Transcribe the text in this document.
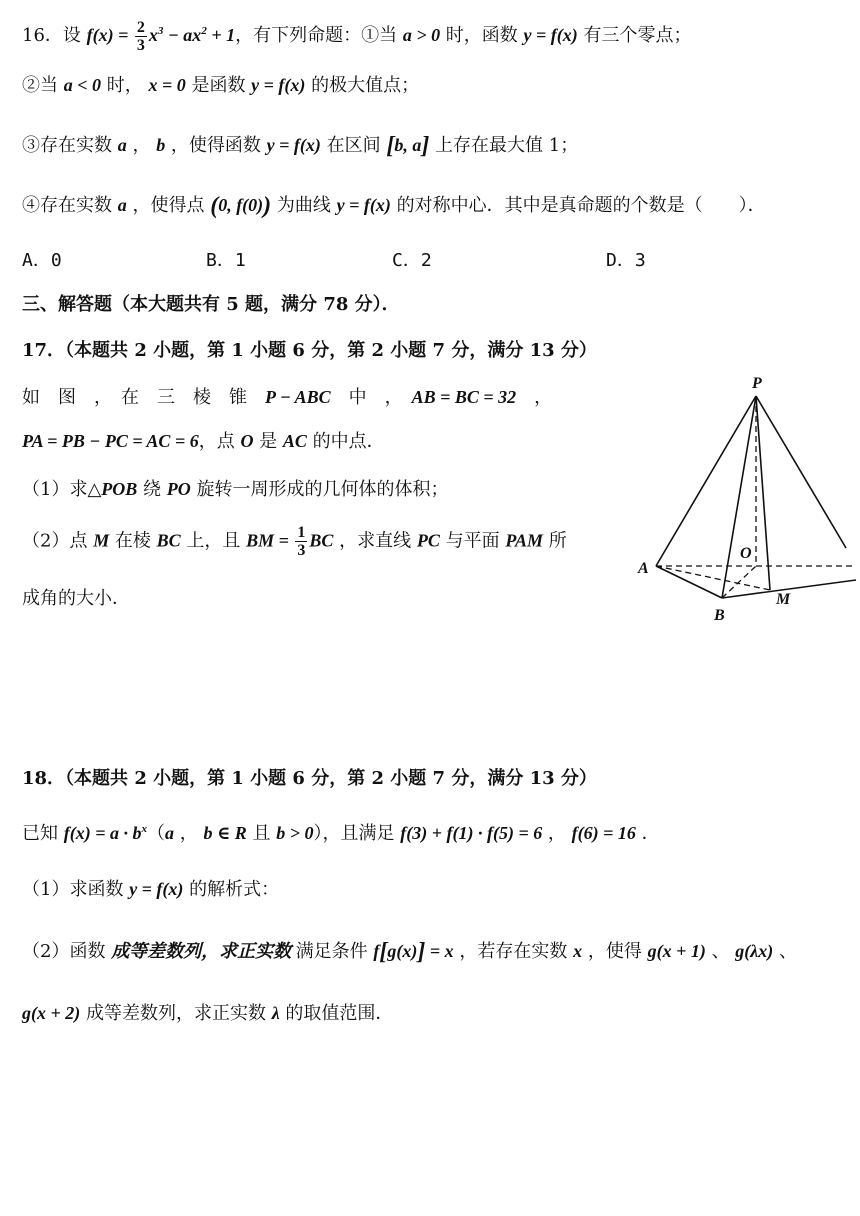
16．设 $f(x) = \frac{2}{3} x^3 - ax^2 + 1$，有下列命题：①当 a > 0 时，函数 y = f(x) 有三个零点；
②当 a < 0 时， x = 0 是函数 y = f(x) 的极大值点；
③存在实数 a ， b ，使得函数 y = f(x) 在区间 [b, a] 上存在最大值 1；
④存在实数 a ，使得点 (0, f(0)) 为曲线 y = f(x) 的对称中心．其中是真命题的个数是（　　）．
A．0	B．1	C．2	D．3
三、解答题（本大题共有 5 题，满分 78 分）．
17．（本题共 2 小题，第 1 小题 6 分，第 2 小题 7 分，满分 13 分）
如　图　，　在　三　棱　锥　P − ABC　中　，　AB = BC = 32　，
PA = PB − PC = AC = 6，点 O 是 AC 的中点．
（1）求△POB 绕 PO 旋转一周形成的几何体的体积；
（2）点 M 在棱 BC 上，且 BM = $\frac{1}{3}$ BC ，求直线 PC 与平面 PAM 所
成角的大小．
P
A
B
O
M
18．（本题共 2 小题，第 1 小题 6 分，第 2 小题 7 分，满分 13 分）
已知 $f(x) = a \cdot b^x(a$ ， b ∈ R 且 b > 0），且满足 f(3) + f(1) · f(5) = 6 ， f(6) = 16 ．
（1）求函数 y = f(x) 的解析式：
（2）函数 成等差数列，求正实数 满足条件 f[g(x)] = x ，若存在实数 x ，使得 g(x + 1) 、 g(λx) 、
g(x + 2) 成等差数列，求正实数 λ 的取值范围．
